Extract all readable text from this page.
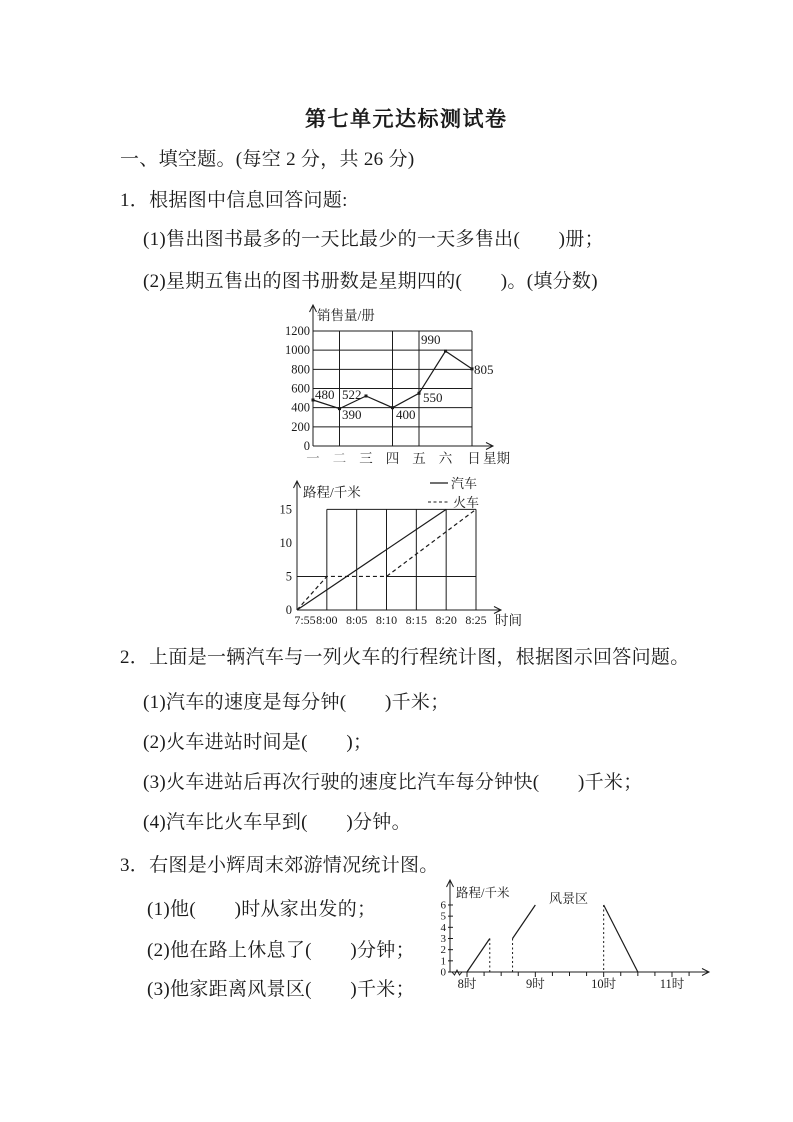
第七单元达标测试卷
一、填空题。(每空 2 分，共 26 分)
1．根据图中信息回答问题:
(1)售出图书最多的一天比最少的一天多售出(　　)册；
(2)星期五售出的图书册数是星期四的(　　)。(填分数)
0
200
400
600
800
1000
1200
销售量/册
星期
一 二 三 四 五 六 日
480
390
522
400
550
990
805
路程/千米
时间
0
5
10
15
7:55 8:00 8:05 8:10 8:15 8:20 8:25
汽车
火车
2．上面是一辆汽车与一列火车的行程统计图，根据图示回答问题。
(1)汽车的速度是每分钟(　　)千米；
(2)火车进站时间是(　　)；
(3)火车进站后再次行驶的速度比汽车每分钟快(　　)千米；
(4)汽车比火车早到(　　)分钟。
3．右图是小辉周末郊游情况统计图。
(1)他(　　)时从家出发的；
(2)他在路上休息了(　　)分钟；
(3)他家距离风景区(　　)千米；
路程/千米
0
1
2
3
4
5
6
8时	9时	10时	11时
风景区
